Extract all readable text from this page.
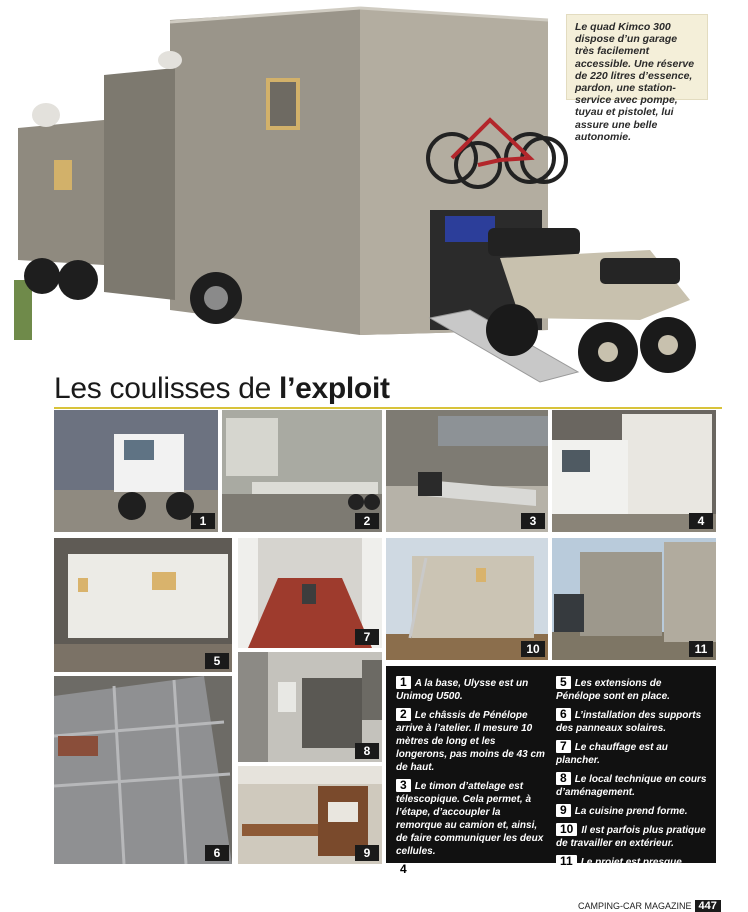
Le quad Kimco 300 dispose d’un garage très facilement accessible. Une réserve de 220 litres d’essence, pardon, une station-service avec pompe, tuyau et pistolet, lui assure une belle autonomie.
Les coulisses de l’exploit
1	2	3	4
5
7
10	11
6
8
9
1 A la base, Ulysse est un Unimog U500.
2 Le châssis de Pénélope arrive à l’atelier. Il mesure 10 mètres de long et les longerons, pas moins de 43 cm de haut.
3 Le timon d’attelage est télescopique. Cela permet, à l’étape, d’accoupler la remorque au camion et, ainsi, de faire communiquer les deux cellules.
4 Ulysse reçoit sa cellule.
5 Les extensions de Pénélope sont en place.
6 L’installation des supports des panneaux solaires.
7 Le chauffage est au plancher.
8 Le local technique en cours d’aménagement.
9 La cuisine prend forme.
10 Il est parfois plus pratique de travailler en extérieur.
11 Le projet est presque terminé.
CAMPING-CAR MAGAZINE 447
